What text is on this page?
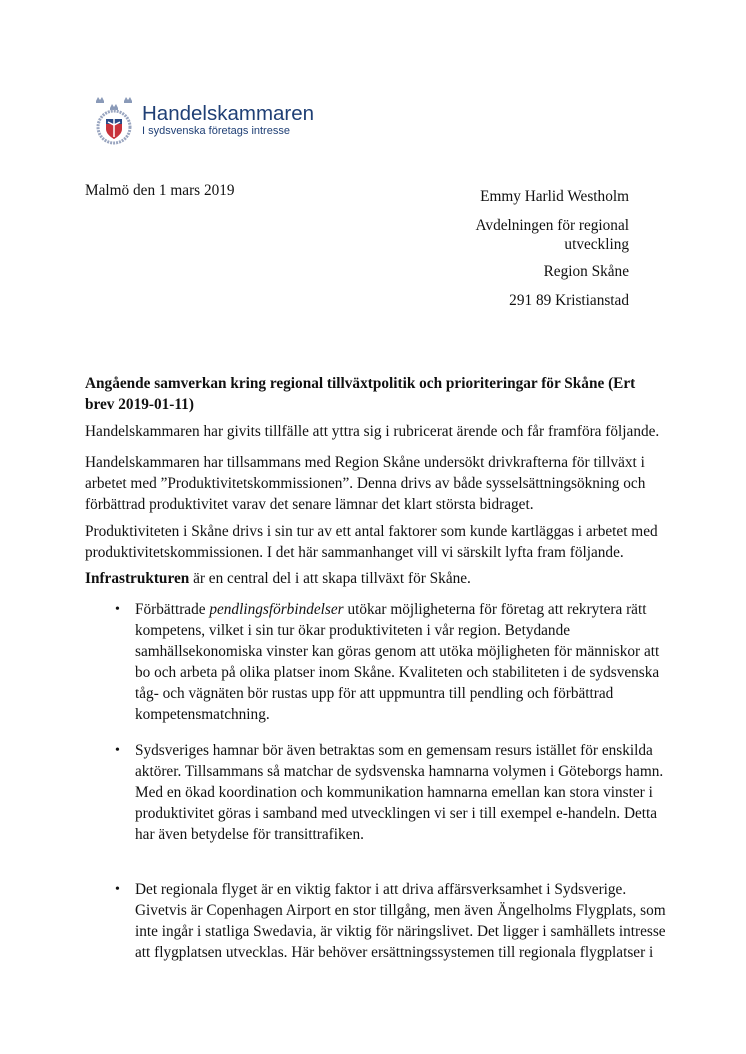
Handelskammaren
I sydsvenska företags intresse
Malmö den 1 mars 2019	Emmy Harlid Westholm
Avdelningen för regional
utveckling
Region Skåne
291 89 Kristianstad
Angående samverkan kring regional tillväxtpolitik och prioriteringar för Skåne (Ert
brev 2019-01-11)
Handelskammaren har givits tillfälle att yttra sig i rubricerat ärende och får framföra följande.
Handelskammaren har tillsammans med Region Skåne undersökt drivkrafterna för tillväxt i
arbetet med ”Produktivitetskommissionen”. Denna drivs av både sysselsättningsökning och
förbättrad produktivitet varav det senare lämnar det klart största bidraget.
Produktiviteten i Skåne drivs i sin tur av ett antal faktorer som kunde kartläggas i arbetet med
produktivitetskommissionen. I det här sammanhanget vill vi särskilt lyfta fram följande.
Infrastrukturen är en central del i att skapa tillväxt för Skåne.
• Förbättrade pendlingsförbindelser utökar möjligheterna för företag att rekrytera rätt
kompetens, vilket i sin tur ökar produktiviteten i vår region. Betydande
samhällsekonomiska vinster kan göras genom att utöka möjligheten för människor att
bo och arbeta på olika platser inom Skåne. Kvaliteten och stabiliteten i de sydsvenska
tåg- och vägnäten bör rustas upp för att uppmuntra till pendling och förbättrad
kompetensmatchning.
• Sydsveriges hamnar bör även betraktas som en gemensam resurs istället för enskilda
aktörer. Tillsammans så matchar de sydsvenska hamnarna volymen i Göteborgs hamn.
Med en ökad koordination och kommunikation hamnarna emellan kan stora vinster i
produktivitet göras i samband med utvecklingen vi ser i till exempel e-handeln. Detta
har även betydelse för transittrafiken.
• Det regionala flyget är en viktig faktor i att driva affärsverksamhet i Sydsverige.
Givetvis är Copenhagen Airport en stor tillgång, men även Ängelholms Flygplats, som
inte ingår i statliga Swedavia, är viktig för näringslivet. Det ligger i samhällets intresse
att flygplatsen utvecklas. Här behöver ersättningssystemen till regionala flygplatser i
